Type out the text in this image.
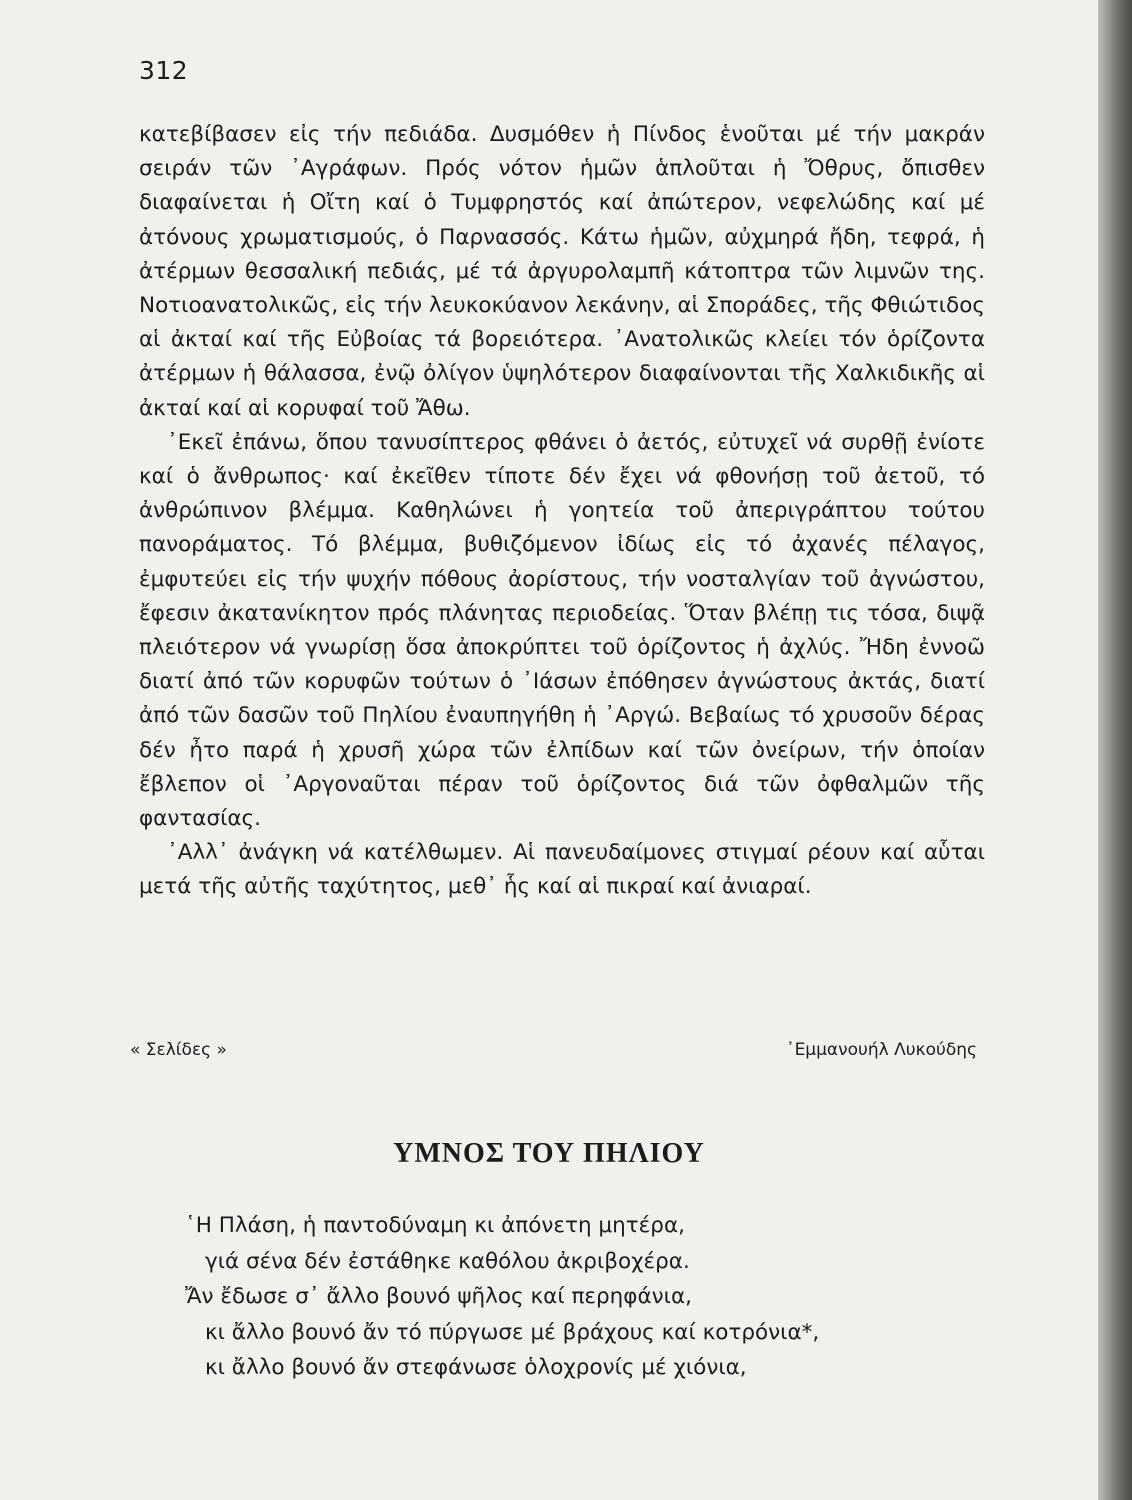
312

κατεβίβασεν εἰς τήν πεδιάδα. Δυσμόθεν ἡ Πίνδος ἑνοῦται μέ τήν μακράν σειράν τῶν ᾿Αγράφων. Πρός νότον ἡμῶν ἁπλοῦται ἡ Ὄθρυς, ὄπισθεν διαφαίνεται ἡ Οἴτη καί ὁ Τυμφρηστός καί ἀπώτερον, νεφελώδης καί μέ ἀτόνους χρωματισμούς, ὁ Παρνασσός. Κάτω ἡμῶν, αὐχμηρά ἤδη, τεφρά, ἡ ἀτέρμων θεσσαλική πεδιάς, μέ τά ἀργυρολαμπῆ κάτοπτρα τῶν λιμνῶν της. Νοτιοανατολικῶς, εἰς τήν λευκοκύανον λεκάνην, αἱ Σποράδες, τῆς Φθιώτιδος αἱ ἀκταί καί τῆς Εὐβοίας τά βορειότερα. ᾿Ανατολικῶς κλείει τόν ὁρίζοντα ἀτέρμων ἡ θάλασσα, ἐνῷ ὀλίγον ὑψηλότερον διαφαίνονται τῆς Χαλκιδικῆς αἱ ἀκταί καί αἱ κορυφαί τοῦ Ἄθω.

᾿Εκεῖ ἐπάνω, ὅπου τανυσίπτερος φθάνει ὁ ἀετός, εὐτυχεῖ νά συρθῇ ἐνίοτε καί ὁ ἄνθρωπος· καί ἐκεῖθεν τίποτε δέν ἔχει νά φθονήσῃ τοῦ ἀετοῦ, τό ἀνθρώπινον βλέμμα. Καθηλώνει ἡ γοητεία τοῦ ἀπεριγράπτου τούτου πανοράματος. Τό βλέμμα, βυθιζόμενον ἰδίως εἰς τό ἀχανές πέλαγος, ἐμφυτεύει εἰς τήν ψυχήν πόθους ἀορίστους, τήν νοσταλγίαν τοῦ ἀγνώστου, ἔφεσιν ἀκατανίκητον πρός πλάνητας περιοδείας. Ὅταν βλέπῃ τις τόσα, διψᾷ πλειότερον νά γνωρίσῃ ὅσα ἀποκρύπτει τοῦ ὁρίζοντος ἡ ἀχλύς. Ἤδη ἐννοῶ διατί ἀπό τῶν κορυφῶν τούτων ὁ ᾿Ιάσων ἐπόθησεν ἀγνώστους ἀκτάς, διατί ἀπό τῶν δασῶν τοῦ Πηλίου ἐναυπηγήθη ἡ ᾿Αργώ. Βεβαίως τό χρυσοῦν δέρας δέν ἦτο παρά ἡ χρυσῆ χώρα τῶν ἐλπίδων καί τῶν ὀνείρων, τήν ὁποίαν ἔβλεπον οἱ ᾿Αργοναῦται πέραν τοῦ ὁρίζοντος διά τῶν ὀφθαλμῶν τῆς φαντασίας.

᾿Αλλ᾿ ἀνάγκη νά κατέλθωμεν. Αἱ πανευδαίμονες στιγμαί ρέουν καί αὗται μετά τῆς αὐτῆς ταχύτητος, μεθ᾿ ἧς καί αἱ πικραί καί ἀνιαραί.

« Σελίδες »	᾿Εμμανουήλ Λυκούδης
ΥΜΝΟΣ ΤΟΥ ΠΗΛΙΟΥ
῾Η Πλάση, ἡ παντοδύναμη κι ἀπόνετη μητέρα,
γιά σένα δέν ἐστάθηκε καθόλου ἀκριβοχέρα.
Ἄν ἔδωσε σ᾿ ἄλλο βουνό ψῆλος καί περηφάνια,
κι ἄλλο βουνό ἄν τό πύργωσε μέ βράχους καί κοτρόνια*,
κι ἄλλο βουνό ἄν στεφάνωσε ὁλοχρονίς μέ χιόνια,
